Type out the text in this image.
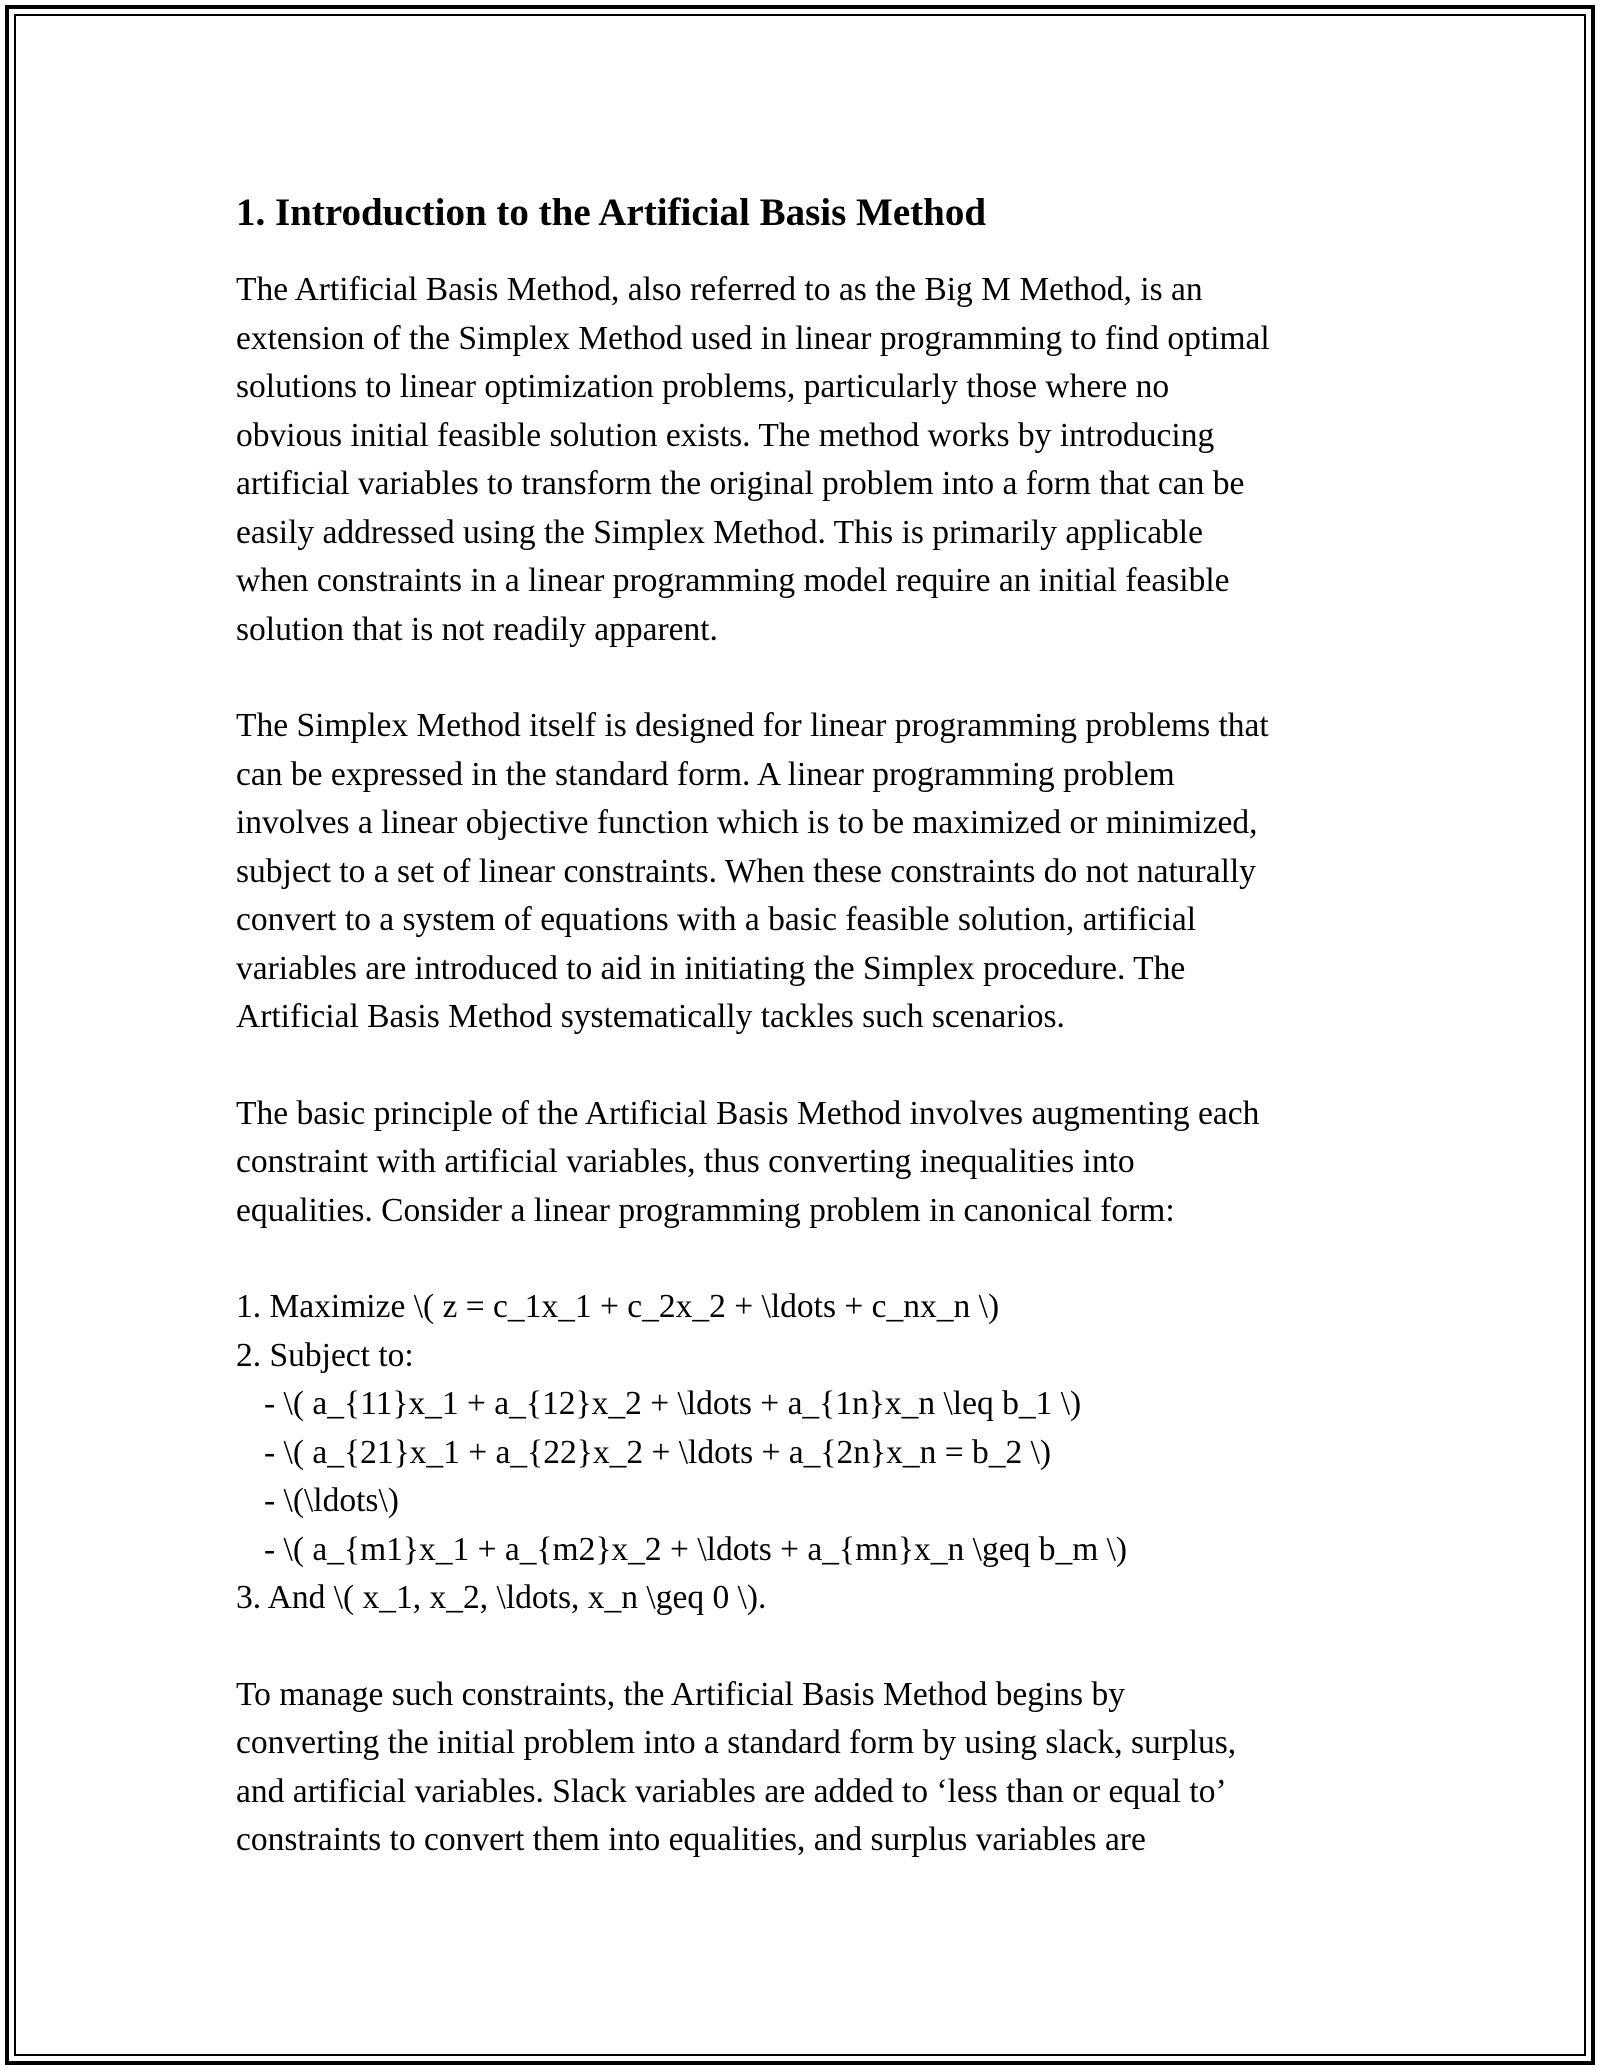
1. Introduction to the Artificial Basis Method

The Artificial Basis Method, also referred to as the Big M Method, is an
extension of the Simplex Method used in linear programming to find optimal
solutions to linear optimization problems, particularly those where no
obvious initial feasible solution exists. The method works by introducing
artificial variables to transform the original problem into a form that can be
easily addressed using the Simplex Method. This is primarily applicable
when constraints in a linear programming model require an initial feasible
solution that is not readily apparent.

The Simplex Method itself is designed for linear programming problems that
can be expressed in the standard form. A linear programming problem
involves a linear objective function which is to be maximized or minimized,
subject to a set of linear constraints. When these constraints do not naturally
convert to a system of equations with a basic feasible solution, artificial
variables are introduced to aid in initiating the Simplex procedure. The
Artificial Basis Method systematically tackles such scenarios.

The basic principle of the Artificial Basis Method involves augmenting each
constraint with artificial variables, thus converting inequalities into
equalities. Consider a linear programming problem in canonical form:

1. Maximize \( z = c_1x_1 + c_2x_2 + \ldots + c_nx_n \)
2. Subject to:
- \( a_{11}x_1 + a_{12}x_2 + \ldots + a_{1n}x_n \leq b_1 \)
- \( a_{21}x_1 + a_{22}x_2 + \ldots + a_{2n}x_n = b_2 \)
- \(\ldots\)
- \( a_{m1}x_1 + a_{m2}x_2 + \ldots + a_{mn}x_n \geq b_m \)
3. And \( x_1, x_2, \ldots, x_n \geq 0 \).

To manage such constraints, the Artificial Basis Method begins by
converting the initial problem into a standard form by using slack, surplus,
and artificial variables. Slack variables are added to ‘less than or equal to’
constraints to convert them into equalities, and surplus variables are
